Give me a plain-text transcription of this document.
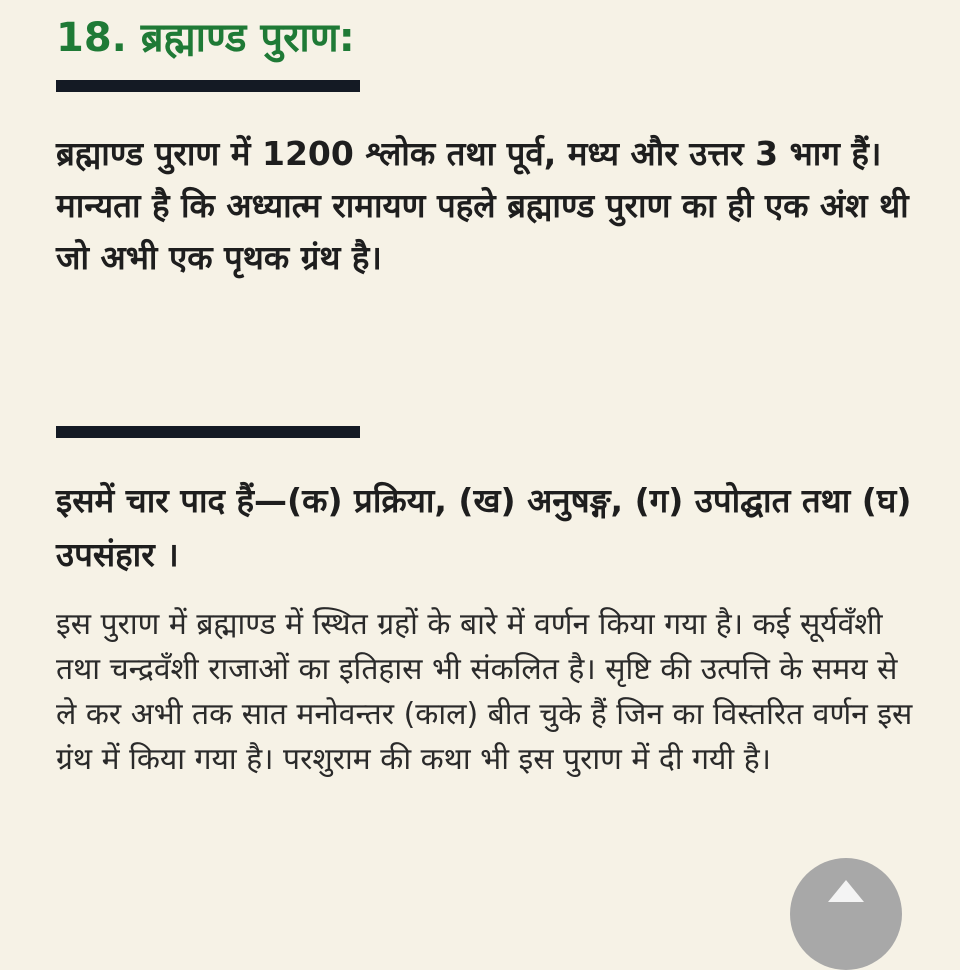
18. ब्रह्माण्ड पुराण:

ब्रह्माण्ड पुराण में 1200 श्लोक तथा पूर्व, मध्य और उत्तर 3 भाग हैं। मान्यता है कि अध्यात्म रामायण पहले ब्रह्माण्ड पुराण का ही एक अंश थी जो अभी एक पृथक ग्रंथ है।

इसमें चार पाद हैं—(क) प्रक्रिया, (ख) अनुषङ्ग, (ग) उपोद्घात तथा (घ) उपसंहार ।

इस पुराण में ब्रह्माण्ड में स्थित ग्रहों के बारे में वर्णन किया गया है। कई सूर्यवँशी तथा चन्द्रवँशी राजाओं का इतिहास भी संकलित है। सृष्टि की उत्पत्ति के समय से ले कर अभी तक सात मनोवन्तर (काल) बीत चुके हैं जिन का विस्तरित वर्णन इस ग्रंथ में किया गया है। परशुराम की कथा भी इस पुराण में दी गयी है।
